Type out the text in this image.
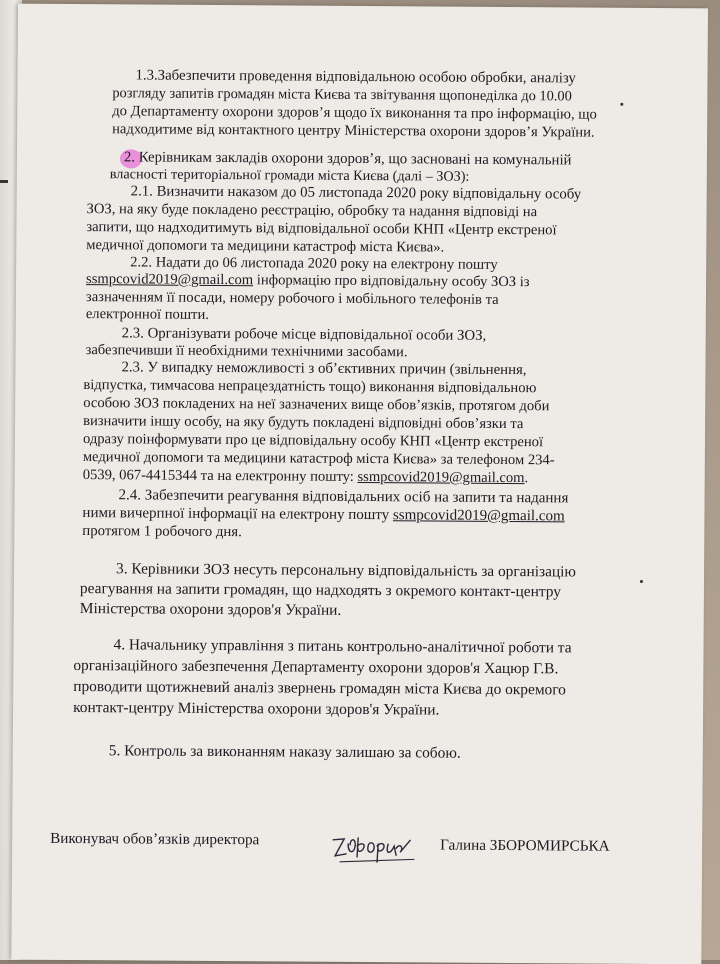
1.3.Забезпечити проведення відповідальною особою обробки, аналізу
розгляду запитів громадян міста Києва та звітування щопонеділка до 10.00
до Департаменту охорони здоров’я щодо їх виконання та про інформацію, що
надходитиме від контактного центру Міністерства охорони здоров’я України.
2. Керівникам закладів охорони здоров’я, що засновані на комунальній
власності територіальної громади міста Києва (далі – ЗОЗ):
2.1. Визначити наказом до 05 листопада 2020 року відповідальну особу
ЗОЗ, на яку буде покладено реєстрацію, обробку та надання відповіді на
запити, що надходитимуть від відповідальної особи КНП «Центр екстреної
медичної допомоги та медицини катастроф міста Києва».
2.2. Надати до 06 листопада 2020 року на електрону пошту
ssmpcovid2019@gmail.com інформацію про відповідальну особу ЗОЗ із
зазначенням її посади, номеру робочого і мобільного телефонів та
електронної пошти.
2.3. Організувати робоче місце відповідальної особи ЗОЗ,
забезпечивши її необхідними технічними засобами.
2.3. У випадку неможливості з об’єктивних причин (звільнення,
відпустка, тимчасова непрацездатність тощо) виконання відповідальною
особою ЗОЗ покладених на неї зазначених вище обов’язків, протягом доби
визначити іншу особу, на яку будуть покладені відповідні обов’язки та
одразу поінформувати про це відповідальну особу КНП «Центр екстреної
медичної допомоги та медицини катастроф міста Києва» за телефоном 234-
0539, 067-4415344 та на електронну пошту: ssmpcovid2019@gmail.com.
2.4. Забезпечити реагування відповідальних осіб на запити та надання
ними вичерпної інформації на електрону пошту ssmpcovid2019@gmail.com
протягом 1 робочого дня.
3. Керівники ЗОЗ несуть персональну відповідальність за організацію
реагування на запити громадян, що надходять з окремого контакт-центру
Міністерства охорони здоров'я України.
4. Начальнику управління з питань контрольно-аналітичної роботи та
організаційного забезпечення Департаменту охорони здоров'я Хацюр Г.В.
проводити щотижневий аналіз звернень громадян міста Києва до окремого
контакт-центру Міністерства охорони здоров'я України.
5. Контроль за виконанням наказу залишаю за собою.
Виконувач обов’язків директора	Галина ЗБОРОМИРСЬКА
